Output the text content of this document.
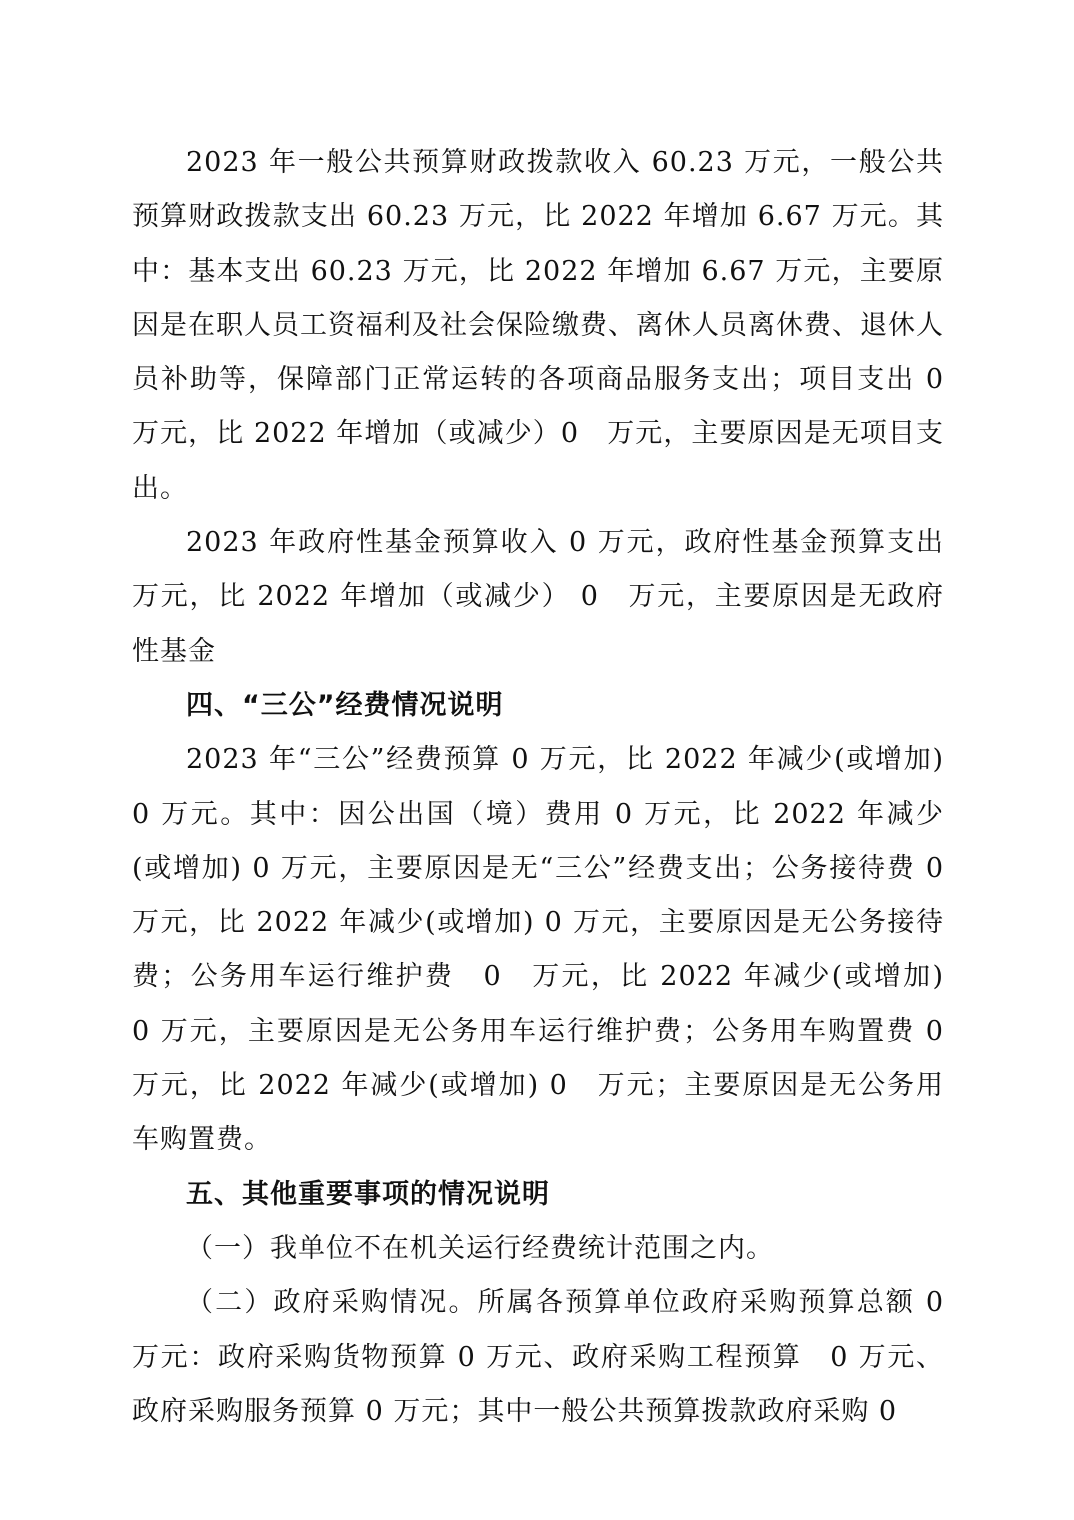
2023 年一般公共预算财政拨款收入 60.23 万元，一般公共预算财政拨款支出 60.23 万元，比 2022 年增加 6.67 万元。其中：基本支出 60.23 万元，比 2022 年增加 6.67 万元，主要原因是在职人员工资福利及社会保险缴费、离休人员离休费、退休人员补助等，保障部门正常运转的各项商品服务支出；项目支出 0　万元，比 2022 年增加（或减少）0　万元，主要原因是无项目支出。

2023 年政府性基金预算收入 0 万元，政府性基金预算支出万元，比 2022 年增加（或减少） 0　万元，主要原因是无政府性基金

四、“三公”经费情况说明

2023 年“三公”经费预算 0 万元，比 2022 年减少(或增加) 0 万元。其中：因公出国（境）费用 0 万元，比 2022 年减少(或增加) 0 万元，主要原因是无“三公”经费支出；公务接待费 0 万元，比 2022 年减少(或增加) 0 万元，主要原因是无公务接待费；公务用车运行维护费　0　万元，比 2022 年减少(或增加)　0 万元，主要原因是无公务用车运行维护费；公务用车购置费 0　万元，比 2022 年减少(或增加) 0　万元；主要原因是无公务用车购置费。

五、其他重要事项的情况说明

（一）我单位不在机关运行经费统计范围之内。

（二）政府采购情况。所属各预算单位政府采购预算总额 0 万元：政府采购货物预算 0 万元、政府采购工程预算　0 万元、政府采购服务预算 0 万元；其中一般公共预算拨款政府采购 0
